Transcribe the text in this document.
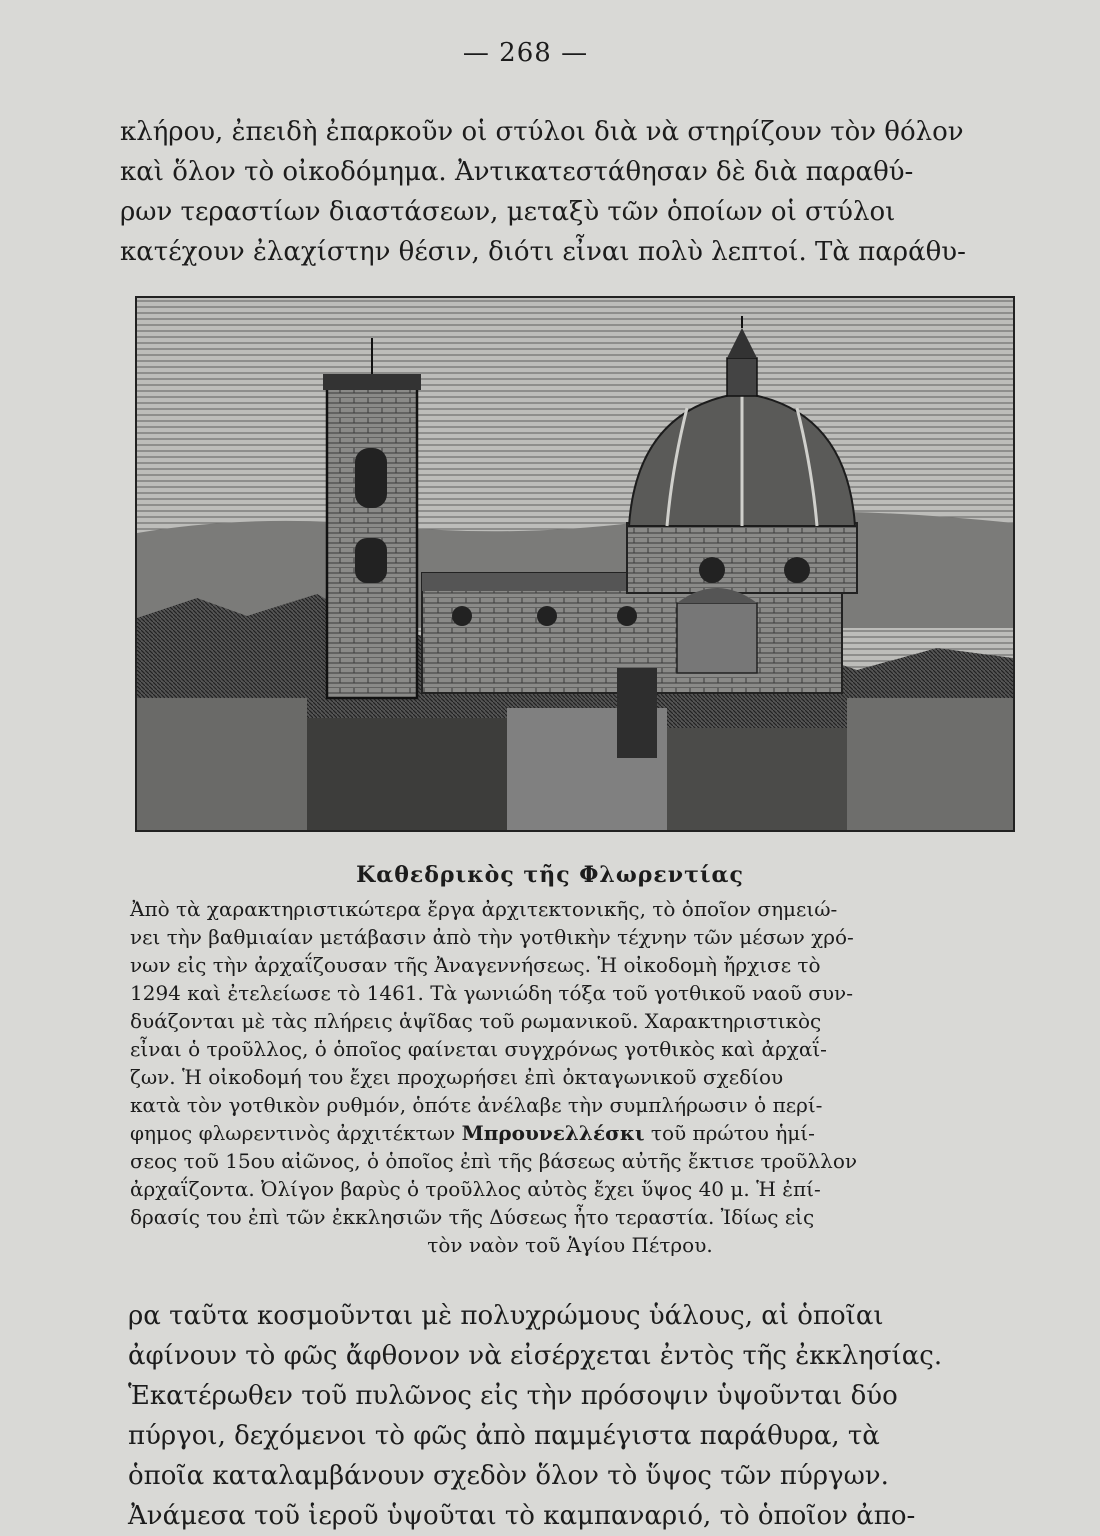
— 268 —
κλήρου, ἐπειδὴ ἐπαρκοῦν οἱ στύλοι διὰ νὰ στηρίζουν τὸν θόλον
καὶ ὅλον τὸ οἰκοδόμημα. Ἀντικατεστάθησαν δὲ διὰ παραθύ-
ρων τεραστίων διαστάσεων, μεταξὺ τῶν ὁποίων οἱ στύλοι
κατέχουν ἐλαχίστην θέσιν, διότι εἶναι πολὺ λεπτοί. Τὰ παράθυ-
Καθεδρικὸς τῆς Φλωρεντίας
Ἀπὸ τὰ χαρακτηριστικώτερα ἔργα ἀρχιτεκτονικῆς, τὸ ὁποῖον σημειώ-
νει τὴν βαθμιαίαν μετάβασιν ἀπὸ τὴν γοτθικὴν τέχνην τῶν μέσων χρό-
νων εἰς τὴν ἀρχαΐζουσαν τῆς Ἀναγεννήσεως. Ἡ οἰκοδομὴ ἤρχισε τὸ
1294 καὶ ἐτελείωσε τὸ 1461. Τὰ γωνιώδη τόξα τοῦ γοτθικοῦ ναοῦ συν-
δυάζονται μὲ τὰς πλήρεις ἁψῖδας τοῦ ρωμανικοῦ. Χαρακτηριστικὸς
εἶναι ὁ τροῦλλος, ὁ ὁποῖος φαίνεται συγχρόνως γοτθικὸς καὶ ἀρχαΐ-
ζων. Ἡ οἰκοδομή του ἔχει προχωρήσει ἐπὶ ὀκταγωνικοῦ σχεδίου
κατὰ τὸν γοτθικὸν ρυθμόν, ὁπότε ἀνέλαβε τὴν συμπλήρωσιν ὁ περί-
φημος φλωρεντινὸς ἀρχιτέκτων Μπρουνελλέσκι τοῦ πρώτου ἡμί-
σεος τοῦ 15ου αἰῶνος, ὁ ὁποῖος ἐπὶ τῆς βάσεως αὐτῆς ἔκτισε τροῦλλον
ἀρχαΐζοντα. Ὀλίγον βαρὺς ὁ τροῦλλος αὐτὸς ἔχει ὕψος 40 μ. Ἡ ἐπί-
δρασίς του ἐπὶ τῶν ἐκκλησιῶν τῆς Δύσεως ἦτο τεραστία. Ἰδίως εἰς
τὸν ναὸν τοῦ Ἁγίου Πέτρου.
ρα ταῦτα κοσμοῦνται μὲ πολυχρώμους ὑάλους, αἱ ὁποῖαι
ἀφίνουν τὸ φῶς ἄφθονον νὰ εἰσέρχεται ἐντὸς τῆς ἐκκλησίας.
Ἑκατέρωθεν τοῦ πυλῶνος εἰς τὴν πρόσοψιν ὑψοῦνται δύο
πύργοι, δεχόμενοι τὸ φῶς ἀπὸ παμμέγιστα παράθυρα, τὰ
ὁποῖα καταλαμβάνουν σχεδὸν ὅλον τὸ ὕψος τῶν πύργων.
Ἀνάμεσα τοῦ ἱεροῦ ὑψοῦται τὸ καμπαναριό, τὸ ὁποῖον ἀπο-
